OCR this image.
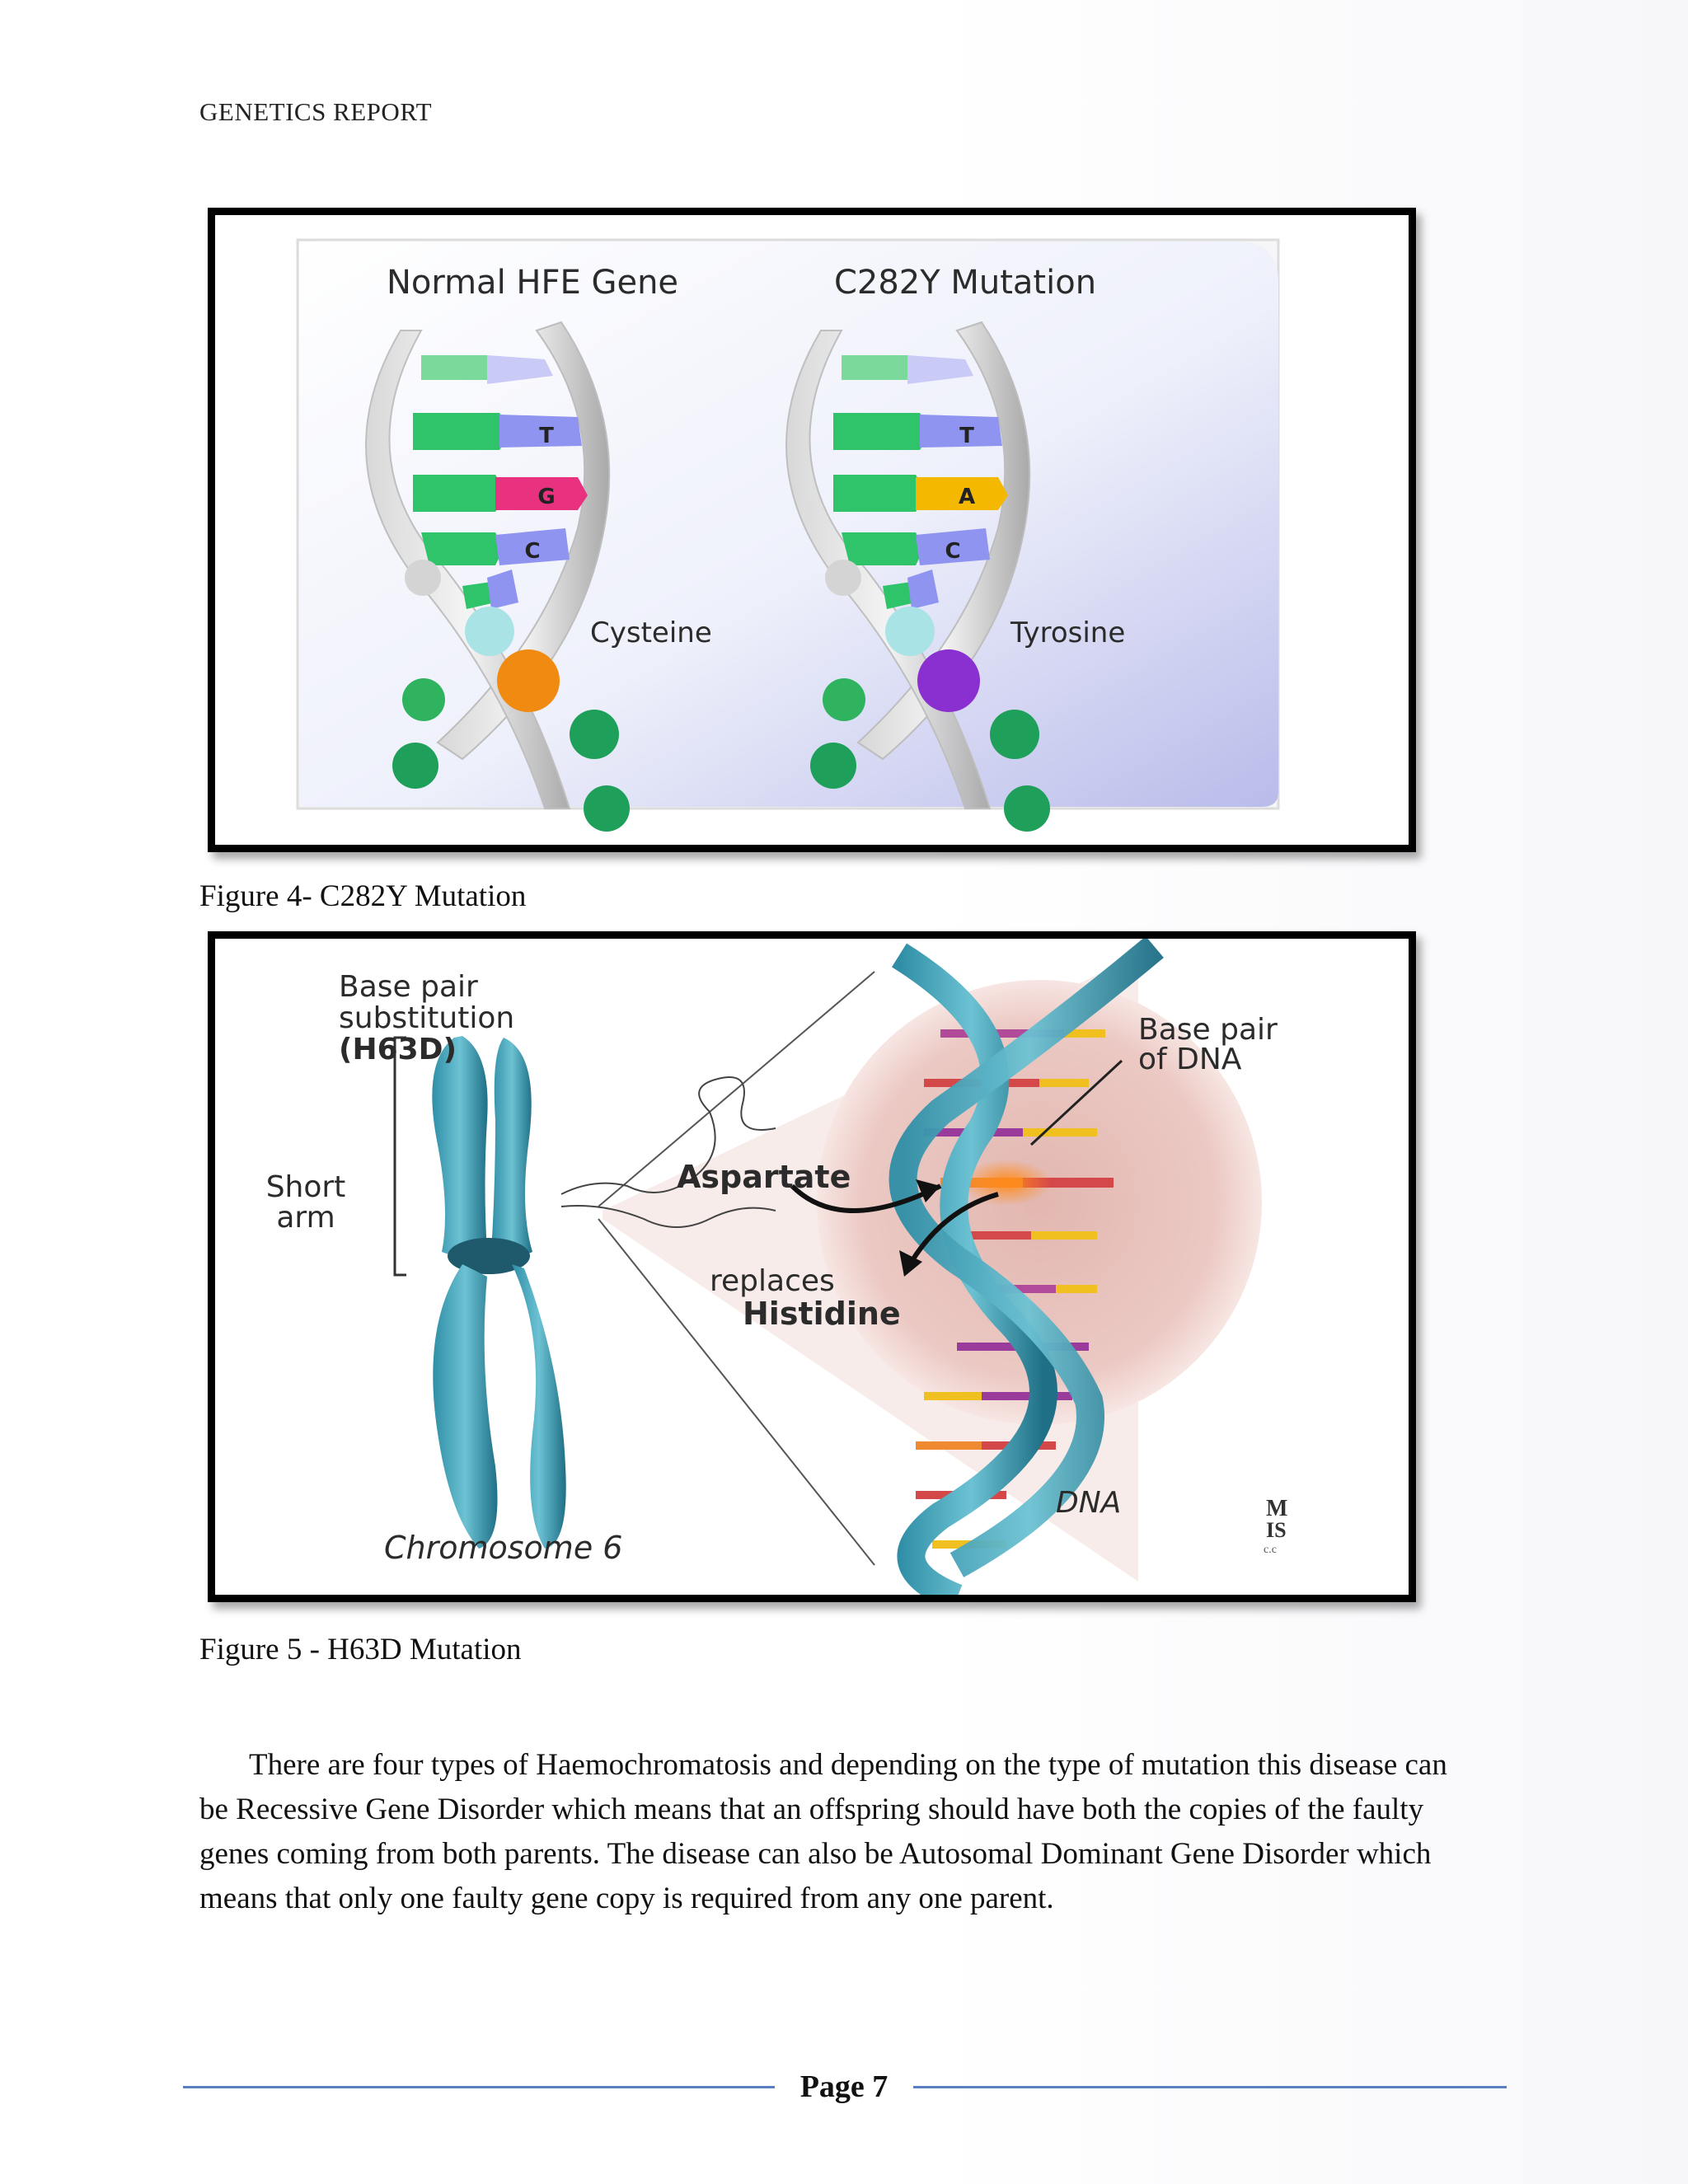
GENETICS REPORT
Normal HFE Gene	C282Y Mutation
T
G
C
Cysteine
T
A
C
Tyrosine
Figure 4- C282Y Mutation
Base pair
substitution
(H63D)
Short
arm
Base pair
of DNA
Aspartate
replaces
Histidine
DNA
Chromosome 6
M
IS
c.c
Figure 5 - H63D Mutation
There are four types of Haemochromatosis and depending on the type of mutation this disease can be Recessive Gene Disorder which means that an offspring should have both the copies of the faulty genes coming from both parents. The disease can also be Autosomal Dominant Gene Disorder which means that only one faulty gene copy is required from any one parent.
Page 7
